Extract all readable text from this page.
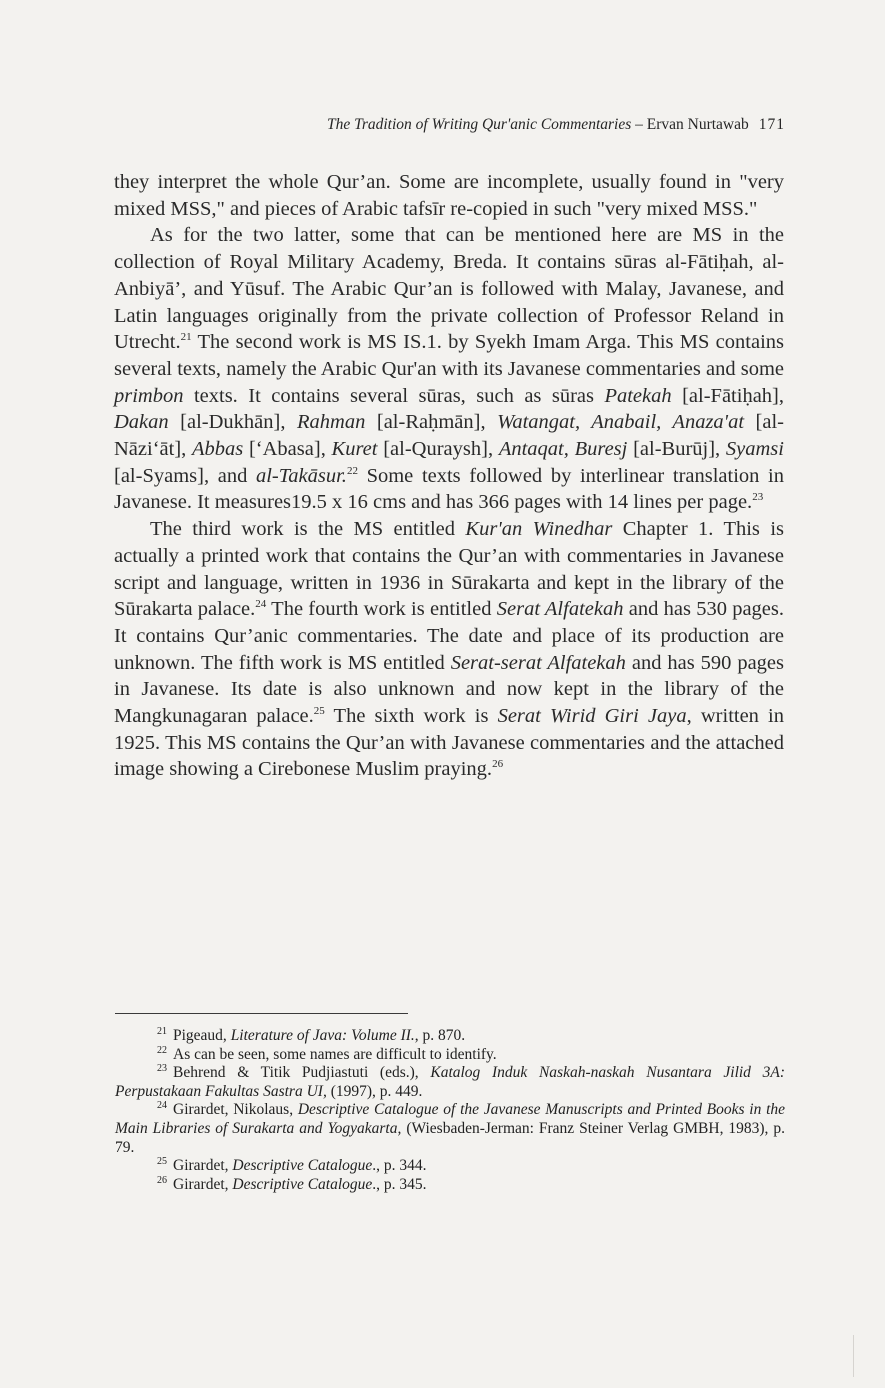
The Tradition of Writing Qur'anic Commentaries – Ervan Nurtawab 171

they interpret the whole Qur’an. Some are incomplete, usually found in "very mixed MSS," and pieces of Arabic tafsīr re-copied in such "very mixed MSS."

As for the two latter, some that can be mentioned here are MS in the collection of Royal Military Academy, Breda. It contains sūras al-Fātiḥah, al-Anbiyā’, and Yūsuf. The Arabic Qur’an is followed with Malay, Javanese, and Latin languages originally from the private collection of Professor Reland in Utrecht.$^{21}$ The second work is MS IS.1. by Syekh Imam Arga. This MS contains several texts, namely the Arabic Qur'an with its Javanese commentaries and some primbon texts. It contains several sūras, such as sūras Patekah [al-Fātiḥah], Dakan [al-Dukhān], Rahman [al-Raḥmān], Watangat, Anabail, Anaza'at [al-Nāzi‘āt], Abbas [‘Abasa], Kuret [al-Quraysh], Antaqat, Buresj [al-Burūj], Syamsi [al-Syams], and al-Takāsur.$^{22}$ Some texts followed by interlinear translation in Javanese. It measures19.5 x 16 cms and has 366 pages with 14 lines per page.$^{23}$

The third work is the MS entitled Kur'an Winedhar Chapter 1. This is actually a printed work that contains the Qur’an with commentaries in Javanese script and language, written in 1936 in Sūrakarta and kept in the library of the Sūrakarta palace.$^{24}$ The fourth work is entitled Serat Alfatekah and has 530 pages. It contains Qur’anic commentaries. The date and place of its production are unknown. The fifth work is MS entitled Serat-serat Alfatekah and has 590 pages in Javanese. Its date is also unknown and now kept in the library of the Mangkunagaran palace.$^{25}$ The sixth work is Serat Wirid Giri Jaya, written in 1925. This MS contains the Qur’an with Javanese commentaries and the attached image showing a Cirebonese Muslim praying.$^{26}$

$^{21}$ Pigeaud, Literature of Java: Volume II., p. 870.

$^{22}$ As can be seen, some names are difficult to identify.

$^{23}$ Behrend & Titik Pudjiastuti (eds.), Katalog Induk Naskah-naskah Nusantara Jilid 3A: Perpustakaan Fakultas Sastra UI, (1997), p. 449.

$^{24}$ Girardet, Nikolaus, Descriptive Catalogue of the Javanese Manuscripts and Printed Books in the Main Libraries of Surakarta and Yogyakarta, (Wiesbaden-Jerman: Franz Steiner Verlag GMBH, 1983), p. 79.

$^{25}$ Girardet, Descriptive Catalogue., p. 344.

$^{26}$ Girardet, Descriptive Catalogue., p. 345.
